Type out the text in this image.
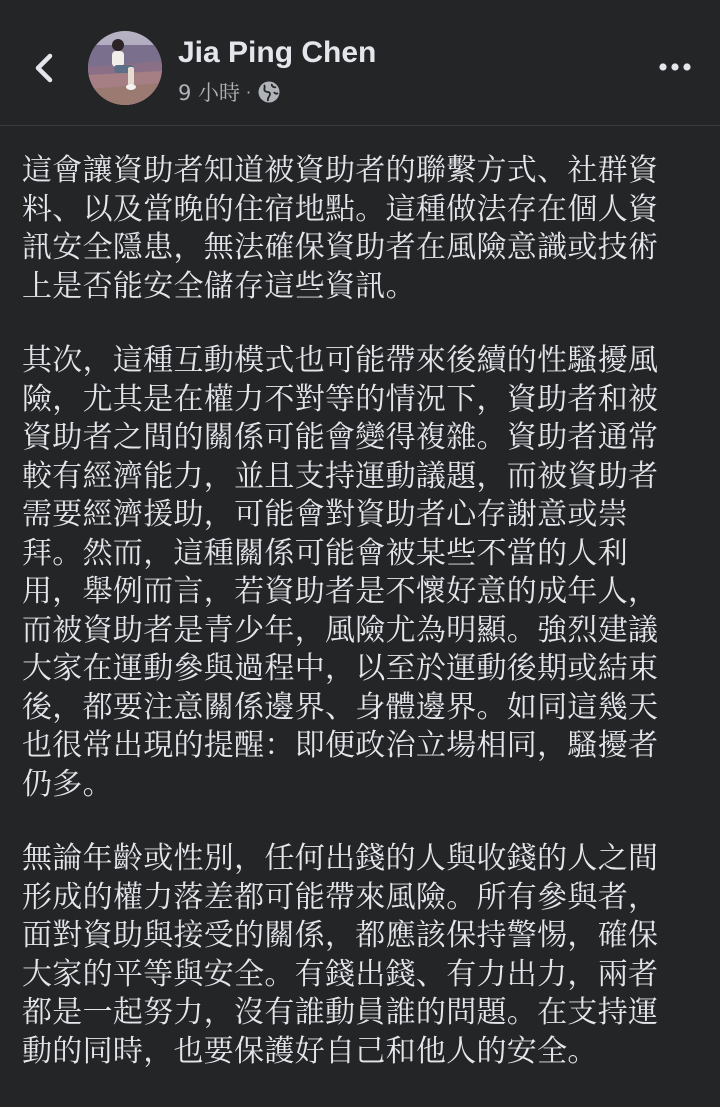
Jia Ping Chen
9 小時 ·

這會讓資助者知道被資助者的聯繫方式、社群資
料、以及當晚的住宿地點。這種做法存在個人資
訊安全隱患，無法確保資助者在風險意識或技術
上是否能安全儲存這些資訊。

其次，這種互動模式也可能帶來後續的性騷擾風
險，尤其是在權力不對等的情況下，資助者和被
資助者之間的關係可能會變得複雜。資助者通常
較有經濟能力，並且支持運動議題，而被資助者
需要經濟援助，可能會對資助者心存謝意或崇
拜。然而，這種關係可能會被某些不當的人利
用，舉例而言，若資助者是不懷好意的成年人，
而被資助者是青少年，風險尤為明顯。強烈建議
大家在運動參與過程中，以至於運動後期或結束
後，都要注意關係邊界、身體邊界。如同這幾天
也很常出現的提醒：即便政治立場相同，騷擾者
仍多。

無論年齡或性別，任何出錢的人與收錢的人之間
形成的權力落差都可能帶來風險。所有參與者，
面對資助與接受的關係，都應該保持警惕，確保
大家的平等與安全。有錢出錢、有力出力，兩者
都是一起努力，沒有誰動員誰的問題。在支持運
動的同時，也要保護好自己和他人的安全。
